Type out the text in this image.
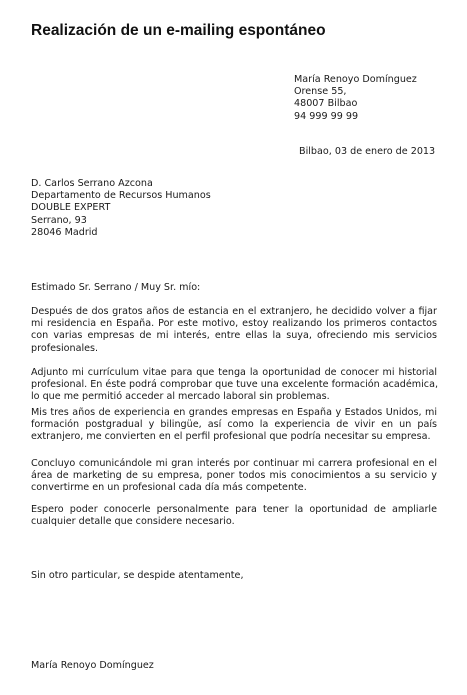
Realización de un e-mailing espontáneo
María Renoyo Domínguez
Orense 55,
48007 Bilbao
94 999 99 99
Bilbao, 03 de enero de 2013
D. Carlos Serrano Azcona
Departamento de Recursos Humanos
DOUBLE EXPERT
Serrano, 93
28046 Madrid
Estimado Sr. Serrano / Muy Sr. mío:
Después de dos gratos años de estancia en el extranjero, he decidido volver a fijar
mi residencia en España. Por este motivo, estoy realizando los primeros contactos
con varias empresas de mi interés, entre ellas la suya, ofreciendo mis servicios
profesionales.
Adjunto mi currículum vitae para que tenga la oportunidad de conocer mi historial
profesional. En éste podrá comprobar que tuve una excelente formación académica,
lo que me permitió acceder al mercado laboral sin problemas.
Mis tres años de experiencia en grandes empresas en España y Estados Unidos, mi
formación postgradual y bilingüe, así como la experiencia de vivir en un país
extranjero, me convierten en el perfil profesional que podría necesitar su empresa.
Concluyo comunicándole mi gran interés por continuar mi carrera profesional en el
área de marketing de su empresa, poner todos mis conocimientos a su servicio y
convertirme en un profesional cada día más competente.
Espero poder conocerle personalmente para tener la oportunidad de ampliarle
cualquier detalle que considere necesario.
Sin otro particular, se despide atentamente,
María Renoyo Domínguez
